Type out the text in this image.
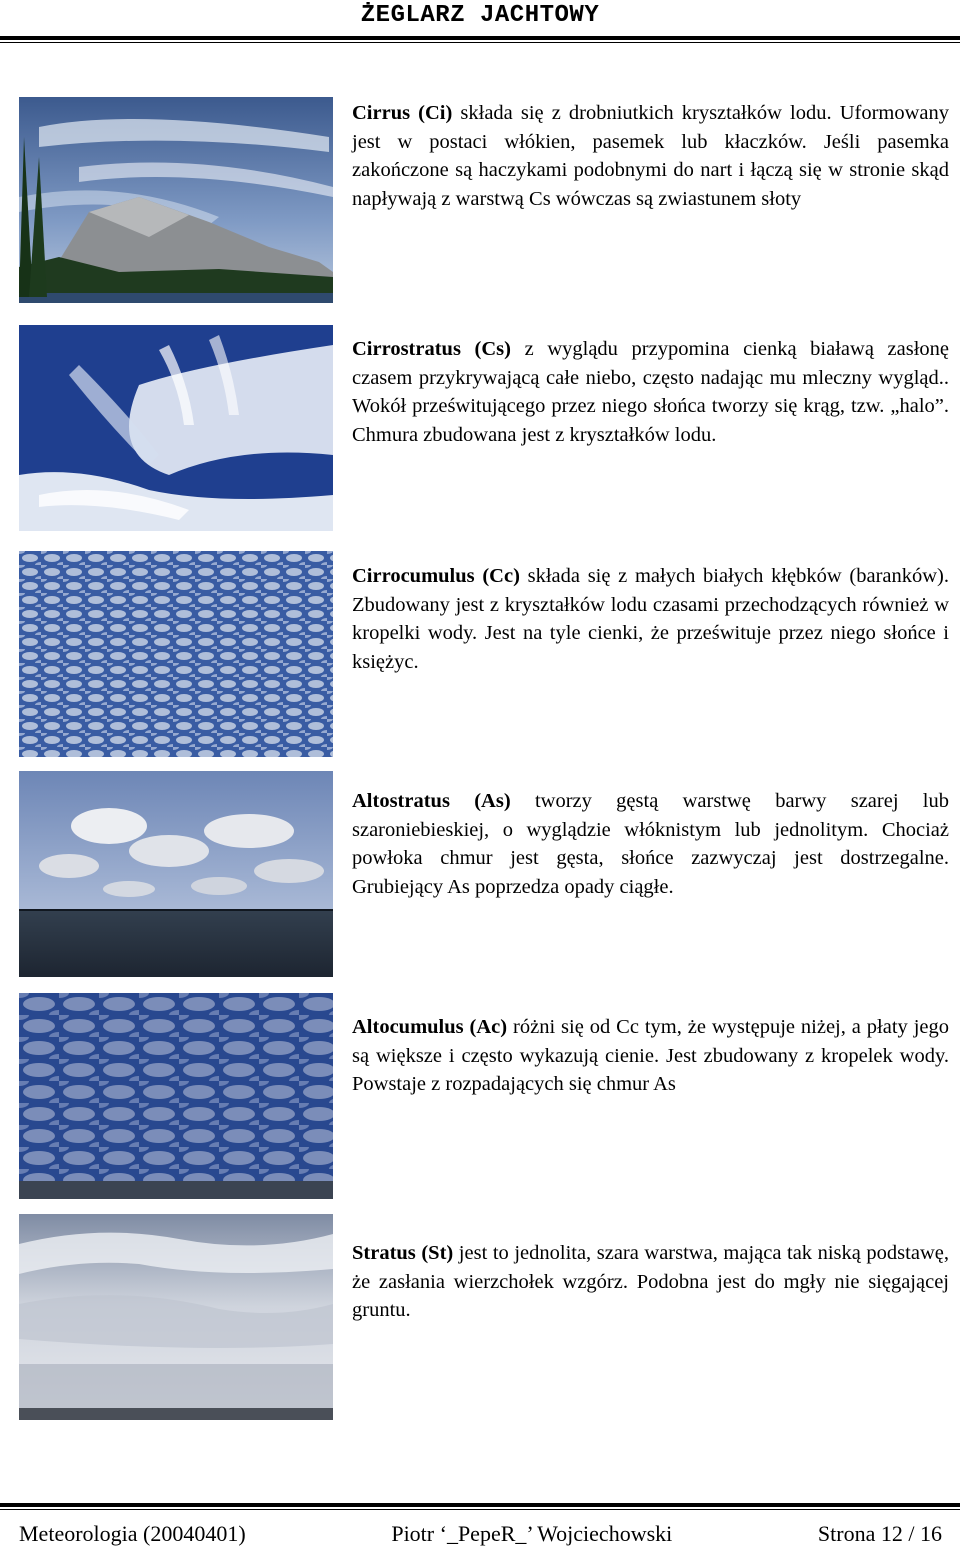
ŻEGLARZ JACHTOWY
Cirrus (Ci) składa się z drobniutkich kryształków lodu. Uformowany jest w postaci włókien, pasemek lub kłaczków. Jeśli pasemka zakończone są haczykami podobnymi do nart i łączą się w stronie skąd napływają z warstwą Cs wówczas są zwiastunem słoty
Cirrostratus (Cs) z wyglądu przypomina cienką białawą zasłonę czasem przykrywającą całe niebo, często nadając mu mleczny wygląd.. Wokół prześwitującego przez niego słońca tworzy się krąg, tzw. „halo”. Chmura zbudowana jest z kryształków lodu.
Cirrocumulus (Cc) składa się z małych białych kłębków (baranków). Zbudowany jest z kryształków lodu czasami przechodzących również w kropelki wody. Jest na tyle cienki, że prześwituje przez niego słońce i księżyc.
Altostratus (As) tworzy gęstą warstwę barwy szarej lub szaroniebieskiej, o wyglądzie włóknistym lub jednolitym. Chociaż powłoka chmur jest gęsta, słońce zazwyczaj jest dostrzegalne. Grubiejący As poprzedza opady ciągłe.
Altocumulus (Ac) różni się od Cc tym, że występuje niżej, a płaty jego są większe i często wykazują cienie. Jest zbudowany z kropelek wody. Powstaje z rozpadających się chmur As
Stratus (St) jest to jednolita, szara warstwa, mająca tak niską podstawę, że zasłania wierzchołek wzgórz. Podobna jest do mgły nie sięgającej gruntu.
Meteorologia (20040401)	Piotr ‘_PepeR_’ Wojciechowski	Strona 12 / 16
